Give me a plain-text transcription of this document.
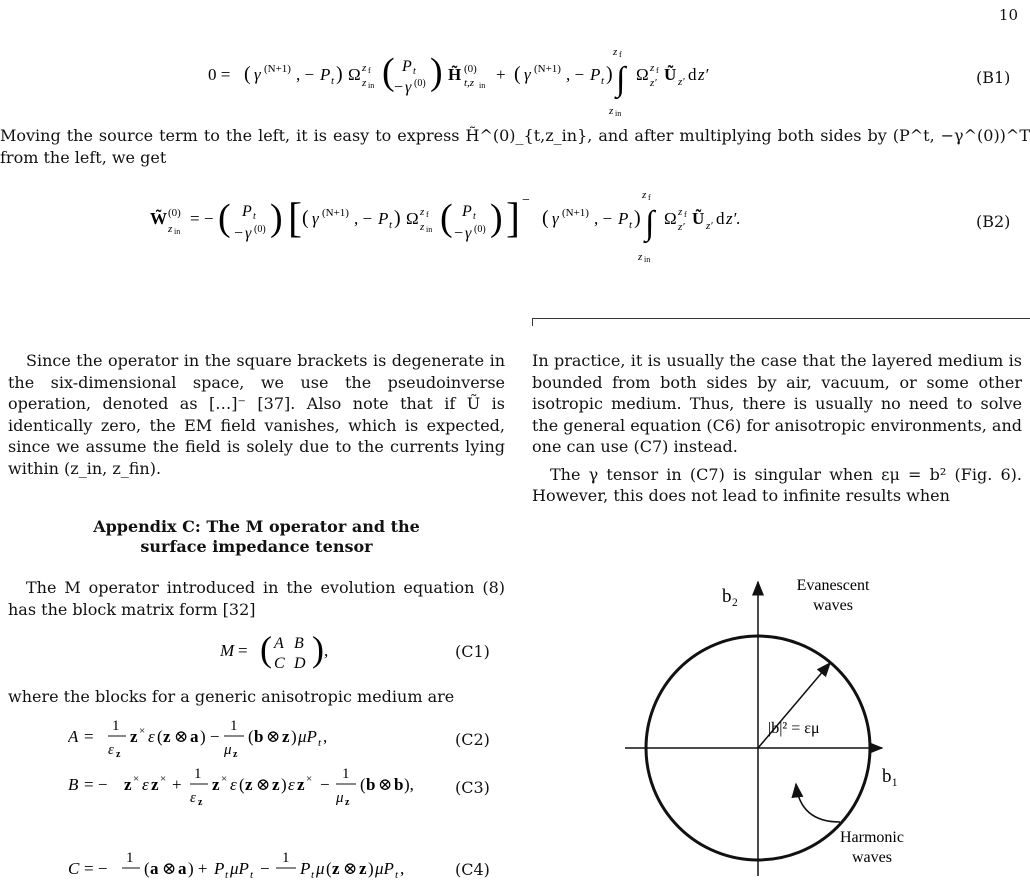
10
0 = ( γ (N+1) , − P t ) Ω z f
z in ( P t
− γ (0) ) H̃ (0)
t,z in
+ ( γ (N+1) , − P t )
z f
∫
z in
Ω z f
z′ Ũ z′ d z′	(B1)
Moving the source term to the left, it is easy to express H̃^(0)_{t,z_in}, and after multiplying both sides by (P^t, −γ^(0))^T from the left, we get
W̃ (0)
z in
= − ( P t
− γ (0) ) [ ( γ (N+1) , − P t ) Ω z f
z in ( P t
− γ (0) ) ] −
( γ (N+1) , − P t )
z f
∫
z in
Ω z f
z′ Ũ z′ d z′.	(B2)

Since the operator in the square brackets is degenerate in the six-dimensional space, we use the pseudoinverse operation, denoted as […]⁻ [37]. Also note that if Ũ is identically zero, the EM field vanishes, which is expected, since we assume the field is solely due to the currents lying within (z_in, z_fin).

Appendix C: The M operator and the surface impedance tensor

The M operator introduced in the evolution equation (8) has the block matrix form [32]

M = ( A B
C D ) ,	(C1)
where the blocks for a generic anisotropic medium are
A =
1
ε z
z × ε ( z ⊗ a ) −
1
μ z
( b ⊗ z ) μP t ,	(C2)
B = − z × ε z × +
1
ε z
z × ε ( z ⊗ z ) ε z × −
1
μ z
( b ⊗ b ),	(C3)
C = −
1
( a ⊗ a ) + P t μP t −
1
P t μ ( z ⊗ z ) μP t ,	(C4)

In practice, it is usually the case that the layered medium is bounded from both sides by air, vacuum, or some other isotropic medium. Thus, there is usually no need to solve the general equation (C6) for anisotropic environments, and one can use (C7) instead.

The γ tensor in (C7) is singular when εμ = b² (Fig. 6). However, this does not lead to infinite results when

b₂
b₁
Evanescent
waves
|b|² = εμ
Harmonic
waves
